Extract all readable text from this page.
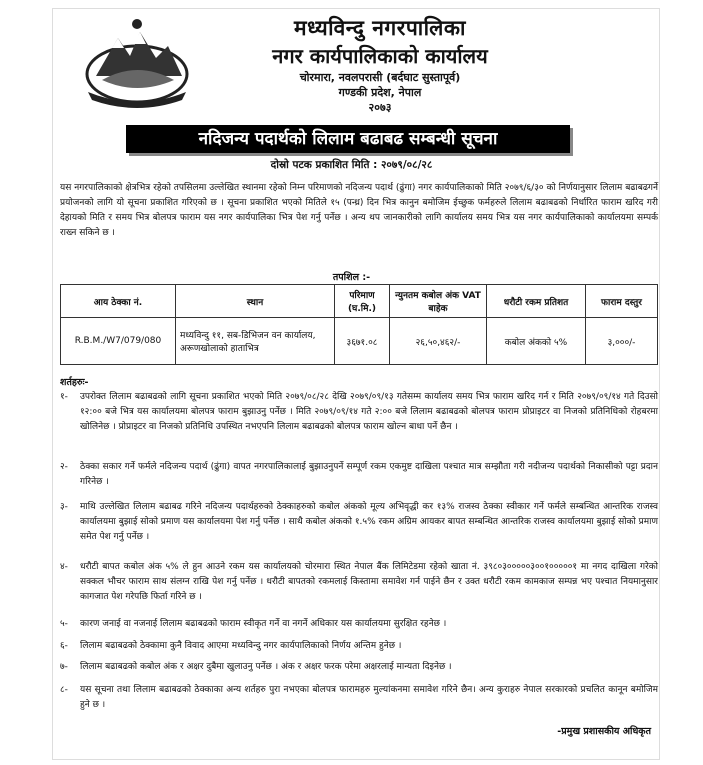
मध्यविन्दु नगरपालिका
नगर कार्यपालिकाको कार्यालय
चोरमारा, नवलपरासी (बर्दघाट सुस्तापूर्व)
गण्डकी प्रदेश, नेपाल
२०७३
नदिजन्य पदार्थको लिलाम बढाबढ सम्बन्धी सूचना
दोस्रो पटक प्रकाशित मिति : २०७९/०८/२८
यस नगरपालिकाको क्षेत्रभित्र रहेको तपसिलमा उल्लेखित स्थानमा रहेको निम्न परिमाणको नदिजन्य पदार्थ (ढुंगा) नगर कार्यपालिकाको मिति २०७९/६/३० को निर्णयानुसार लिलाम बढाबढगर्ने प्रयोजनको लागि यो सूचना प्रकाशित गरिएको छ । सूचना प्रकाशित भएको मितिले १५ (पन्ध्र) दिन भित्र कानुन बमोजिम ईच्छुक फर्महरुले लिलाम बढाबढको निर्धारित फाराम खरिद गरी देहायको मिति र समय भित्र बोलपत्र फाराम यस नगर कार्यपालिका भित्र पेश गर्नु पर्नेछ । अन्य थप जानकारीको लागि कार्यालय समय भित्र यस नगर कार्यपालिकाको कार्यालयमा सम्पर्क राख्न सकिने छ ।
तपशिल :-
आय ठेक्का नं.	स्थान	परिमाण (घ.मि.)	न्युनतम कबोल अंक VAT बाहेक	धरौटी रकम प्रतिशत	फाराम दस्तुर
R.B.M./W7/079/080	मध्यविन्दु ११, सब-डिभिजन वन कार्यालय, अरूणखोलाको हाताभित्र	३६७१.०८	२६,५०,४६२/-	कबोल अंकको ५%	३,०००/-
शर्तहरुः-
१-	उपरोक्त लिलाम बढाबढको लागि सूचना प्रकाशित भएको मिति २०७९/०८/२८ देखि २०७९/०९/१३ गतेसम्म कार्यालय समय भित्र फाराम खरिद गर्न र मिति २०७९/०९/१४ गते दिउसो १२:०० बजे भित्र यस कार्यालयमा बोलपत्र फाराम बुझाउनु पर्नेछ । मिति २०७९/०९/१४ गते २:०० बजे लिलाम बढाबढको बोलपत्र फाराम प्रोप्राइटर वा निजको प्रतिनिधिको रोहबरमा खोलिनेछ । प्रोप्राइटर वा निजको प्रतिनिधि उपस्थित नभएपनि लिलाम बढाबढको बोलपत्र फाराम खोल्न बाधा पर्ने छैन ।
२-	ठेक्का सकार गर्ने फर्मले नदिजन्य पदार्थ (ढुंगा) वापत नगरपालिकालाई बुझाउनुपर्ने सम्पूर्ण रकम एकमुष्ट दाखिला पश्चात मात्र सम्झौता गरी नदीजन्य पदार्थको निकासीको पट्टा प्रदान गरिनेछ ।
३-	माथि उल्लेखित लिलाम बढाबढ गरिने नदिजन्य पदार्थहरुको ठेक्काहरुको कबोल अंकको मूल्य अभिवृद्धी कर १३% राजस्व ठेक्का स्वीकार गर्ने फर्मले सम्बन्धित आन्तरिक राजस्व कार्यालयमा बुझाई सोको प्रमाण यस कार्यालयमा पेश गर्नु पर्नेछ । साथै कबोल अंकको १.५% रकम अग्रिम आयकर बापत सम्बन्धित आन्तरिक राजस्व कार्यालयमा बुझाई सोको प्रमाण समेत पेश गर्नु पर्नेछ ।
४-	धरौटी बापत कबोल अंक ५% ले हुन आउने रकम यस कार्यालयको चोरमारा स्थित नेपाल बैंक लिमिटेडमा रहेको खाता नं. ३९८०३०००००३००१०००००१ मा नगद दाखिला गरेको सक्कल भौचर फाराम साथ संलग्न राखि पेश गर्नु पर्नेछ । धरौटी बापतको रकमलाई किस्तामा समावेश गर्न पाईने छैन र उक्त धरौटी रकम कामकाज सम्पन्न भए पश्चात नियमानुसार कागजात पेश गरेपछि फिर्ता गरिने छ ।
५-	कारण जनाई वा नजनाई लिलाम बढाबढको फाराम स्वीकृत गर्ने वा नगर्ने अधिकार यस कार्यालयमा सुरक्षित रहनेछ ।
६-	लिलाम बढाबढको ठेक्कामा कुनै विवाद आएमा मध्यविन्दु नगर कार्यपालिकाको निर्णय अन्तिम हुनेछ ।
७-	लिलाम बढाबढको कबोल अंक र अक्षर दुबैमा खुलाउनु पर्नेछ । अंक र अक्षर फरक परेमा अक्षरलाई मान्यता दिइनेछ ।
८-	यस सूचना तथा लिलाम बढाबढको ठेक्काका अन्य शर्तहरु पुरा नभएका बोलपत्र फारामहरु मुल्यांकनमा समावेश गरिने छैन। अन्य कुराहरु नेपाल सरकारको प्रचलित कानून बमोजिम हुने छ ।
-प्रमुख प्रशासकीय अधिकृत
